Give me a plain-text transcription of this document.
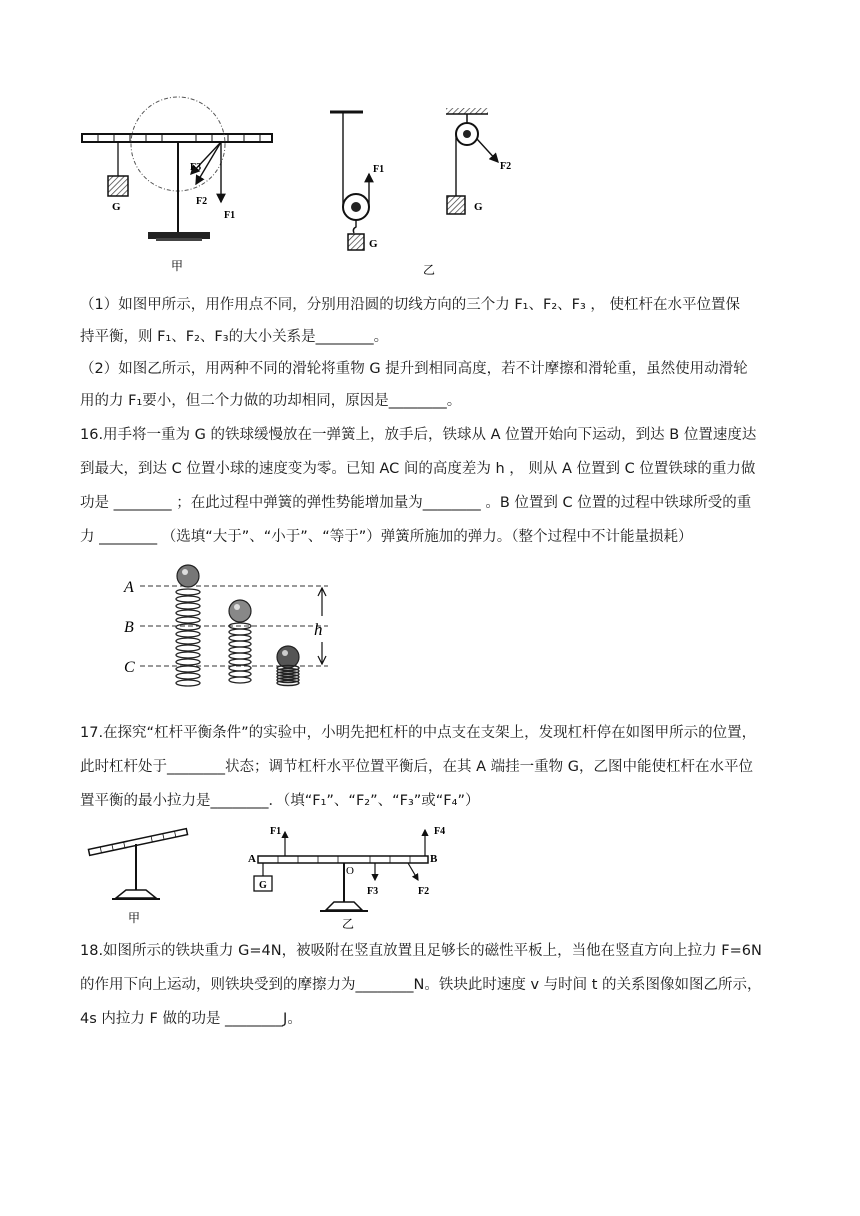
G
F1
F2
F3
甲
F1
G
F2
G
乙
（1）如图甲所示，用作用点不同，分别用沿圆的切线方向的三个力 F₁、F₂、F₃ ， 使杠杆在水平位置保
持平衡，则 F₁、F₂、F₃的大小关系是________。
（2）如图乙所示，用两种不同的滑轮将重物 G 提升到相同高度，若不计摩擦和滑轮重，虽然使用动滑轮
用的力 F₁要小，但二个力做的功却相同，原因是________。
16.用手将一重为 G 的铁球缓慢放在一弹簧上，放手后，铁球从 A 位置开始向下运动，到达 B 位置速度达
到最大，到达 C 位置小球的速度变为零。已知 AC 间的高度差为 h ， 则从 A 位置到 C 位置铁球的重力做
功是 ________ ；在此过程中弹簧的弹性势能增加量为________ 。B 位置到 C 位置的过程中铁球所受的重
力 ________ （选填“大于”、“小于”、“等于”）弹簧所施加的弹力。（整个过程中不计能量损耗）
A
B
C
h
17.在探究“杠杆平衡条件”的实验中，小明先把杠杆的中点支在支架上，发现杠杆停在如图甲所示的位置，
此时杠杆处于________状态；调节杠杆水平位置平衡后，在其 A 端挂一重物 G，乙图中能使杠杆在水平位
置平衡的最小拉力是________．（填“F₁”、“F₂”、“F₃”或“F₄”）
甲
A	B
O
G
F1	F4
F3	F2
乙
18.如图所示的铁块重力 G=4N，被吸附在竖直放置且足够长的磁性平板上，当他在竖直方向上拉力 F=6N
的作用下向上运动，则铁块受到的摩擦力为________N。铁块此时速度 v 与时间 t 的关系图像如图乙所示，
4s 内拉力 F 做的功是 ________J。
